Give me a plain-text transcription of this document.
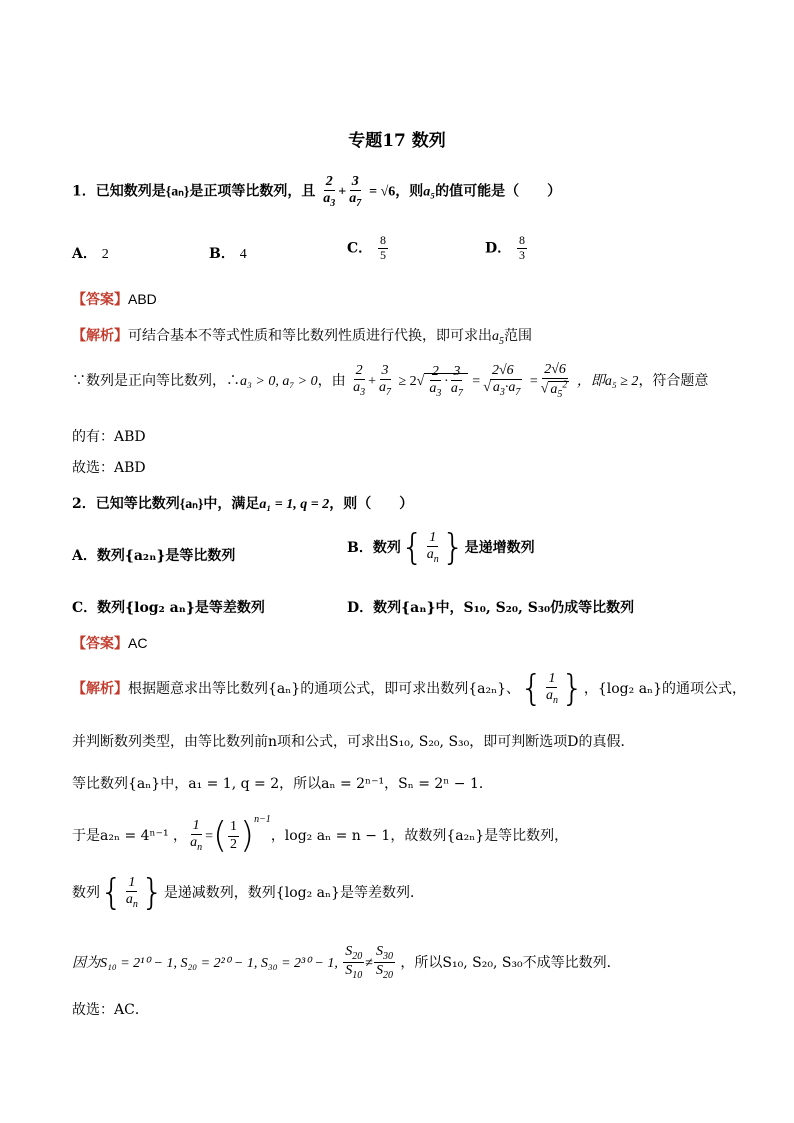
专题17 数列
1．已知数列是{aₙ}是正项等比数列，且 $\frac{2}{a_3} + \frac{3}{a_7} = √6$，则a₅的值可能是（　　）
A． 2	B． 4	C． $\frac{8}{5}$	D． $\frac{8}{3}$
【答案】ABD
【解析】可结合基本不等式性质和等比数列性质进行代换，即可求出$a_5$范围
∵数列是正向等比数列，∴a₃ > 0, a₇ > 0，由 $\frac{2}{a_3} + \frac{3}{a_7} \ge 2√ \frac{2}{a_3} \cdot \frac{3}{a_7} = \frac{2√6}{√ a_3\cdot a_7} = \frac{2√6}{√ a_5^2}$ ，即a₅ ≥ 2，符合题意
的有：ABD
故选：ABD
2．已知等比数列{aₙ}中，满足a₁ = 1, q = 2，则（　　）
A．数列{a₂ₙ}是等比数列	B．数列{ $\frac{1}{a_n}$ }是递增数列
C．数列{log₂ aₙ}是等差数列	D．数列{aₙ}中，S₁₀, S₂₀, S₃₀仍成等比数列
【答案】AC
【解析】根据题意求出等比数列{aₙ}的通项公式，即可求出数列{a₂ₙ}、{ $\frac{1}{a_n}$ }，{log₂ aₙ}的通项公式，
并判断数列类型，由等比数列前n项和公式，可求出S₁₀, S₂₀, S₃₀，即可判断选项D的真假．
等比数列{aₙ}中，a₁ = 1, q = 2，所以aₙ = 2ⁿ⁻¹，Sₙ = 2ⁿ − 1．
于是a₂ₙ = 4ⁿ⁻¹ ， $\frac{1}{a_n}$ =( $\frac{1}{2} )^{n-1}$，log₂ aₙ = n − 1，故数列{a₂ₙ}是等比数列，
数列{ $\frac{1}{a_n}$ }是递减数列，数列{log₂ aₙ}是等差数列．
因为S₁₀ = 2¹⁰ − 1, S₂₀ = 2²⁰ − 1, S₃₀ = 2³⁰ − 1, $\frac{S_{20}}{S_{10}} \ne \frac{S_{30}}{S_{20}}$ ，所以S₁₀, S₂₀, S₃₀不成等比数列．
故选：AC．
